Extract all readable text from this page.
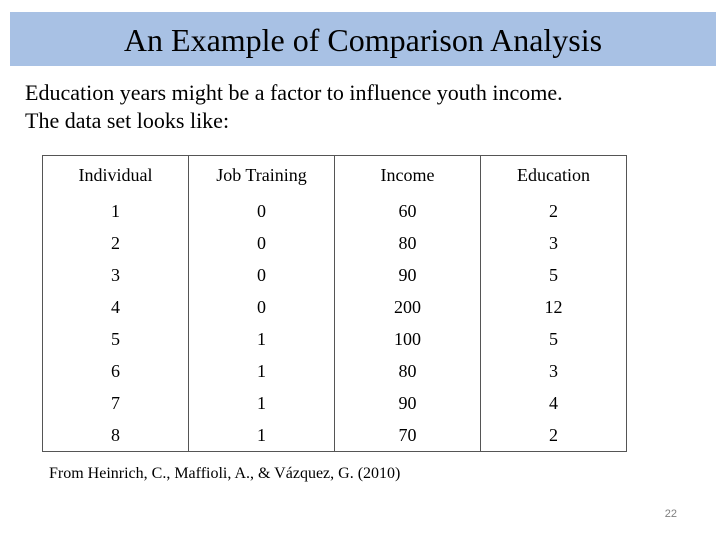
An Example of Comparison Analysis
Education years might be a factor to influence youth income.
The data set looks like:
Individual	Job Training	Income	Education
1	0	60	2
2	0	80	3
3	0	90	5
4	0	200	12
5	1	100	5
6	1	80	3
7	1	90	4
8	1	70	2
From Heinrich, C., Maffioli, A., & Vázquez, G. (2010)
22
